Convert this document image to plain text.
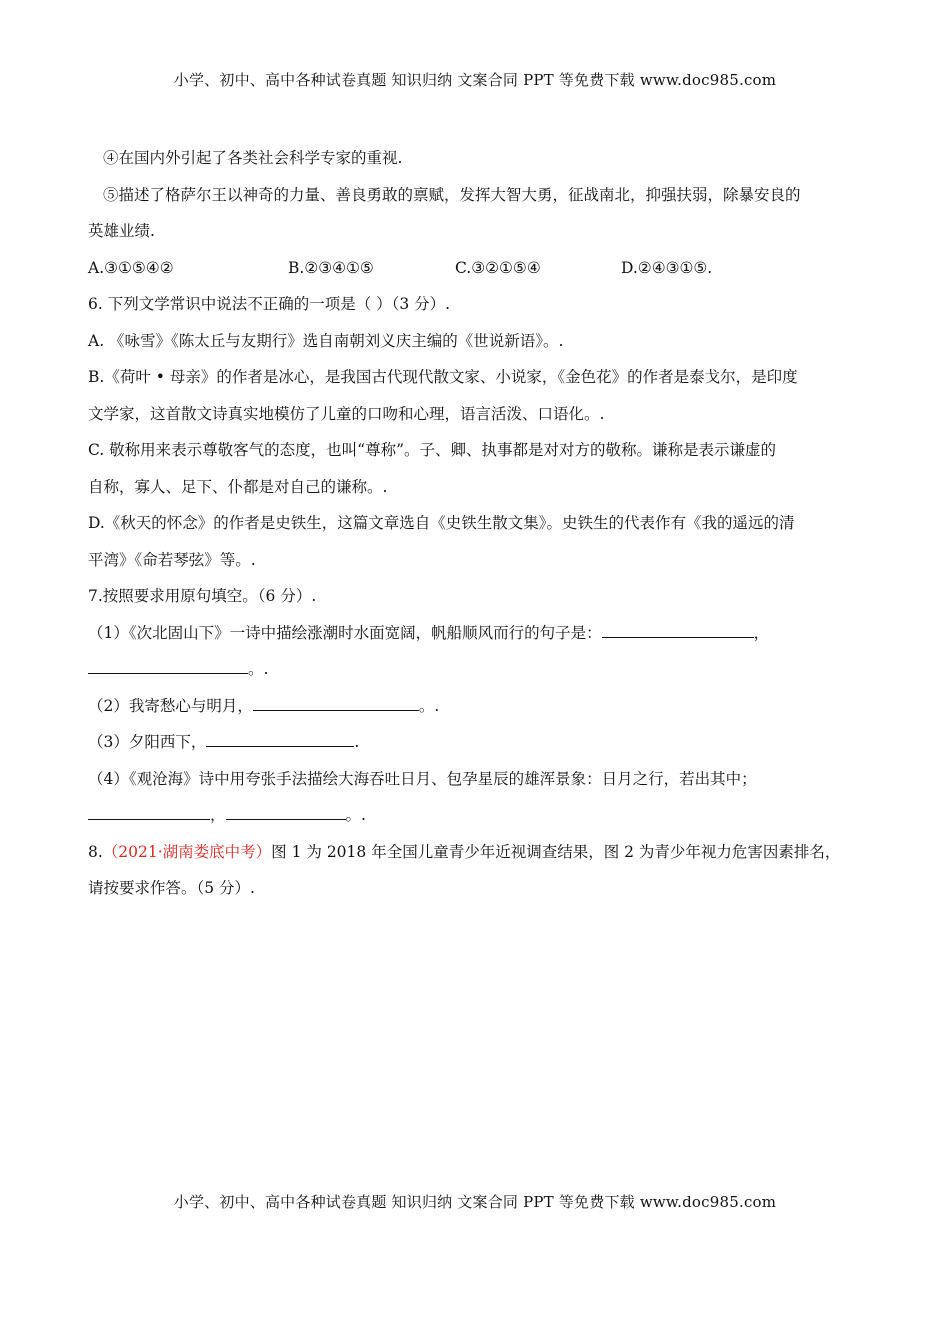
小学、初中、高中各种试卷真题 知识归纳 文案合同 PPT 等免费下载 www.doc985.com
④在国内外引起了各类社会科学专家的重视.
⑤描述了格萨尔王以神奇的力量、善良勇敢的禀赋，发挥大智大勇，征战南北，抑强扶弱，除暴安良的
英雄业绩.
A.③①⑤④②	B.②③④①⑤	C.③②①⑤④	D.②④③①⑤.
6. 下列文学常识中说法不正确的一项是（ ）（3 分）.
A. 《咏雪》《陈太丘与友期行》选自南朝刘义庆主编的《世说新语》。.
B.《荷叶 • 母亲》的作者是冰心，是我国古代现代散文家、小说家，《金色花》的作者是泰戈尔，是印度
文学家，这首散文诗真实地模仿了儿童的口吻和心理，语言活泼、口语化。.
C. 敬称用来表示尊敬客气的态度，也叫“尊称”。子、卿、执事都是对对方的敬称。谦称是表示谦虚的
自称，寡人、足下、仆都是对自己的谦称。.
D.《秋天的怀念》的作者是史铁生，这篇文章选自《史铁生散文集》。史铁生的代表作有《我的遥远的清
平湾》《命若琴弦》等。.
7.按照要求用原句填空。（6 分）.
（1）《次北固山下》一诗中描绘涨潮时水面宽阔，帆船顺风而行的句子是：	，
。.
（2）我寄愁心与明月，	。.
（3）夕阳西下，	.
（4）《观沧海》诗中用夸张手法描绘大海吞吐日月、包孕星辰的雄浑景象：日月之行，若出其中；
，	。.
8.（2021·湖南娄底中考）图 1 为 2018 年全国儿童青少年近视调查结果，图 2 为青少年视力危害因素排名，
请按要求作答。（5 分）.
小学、初中、高中各种试卷真题 知识归纳 文案合同 PPT 等免费下载 www.doc985.com
